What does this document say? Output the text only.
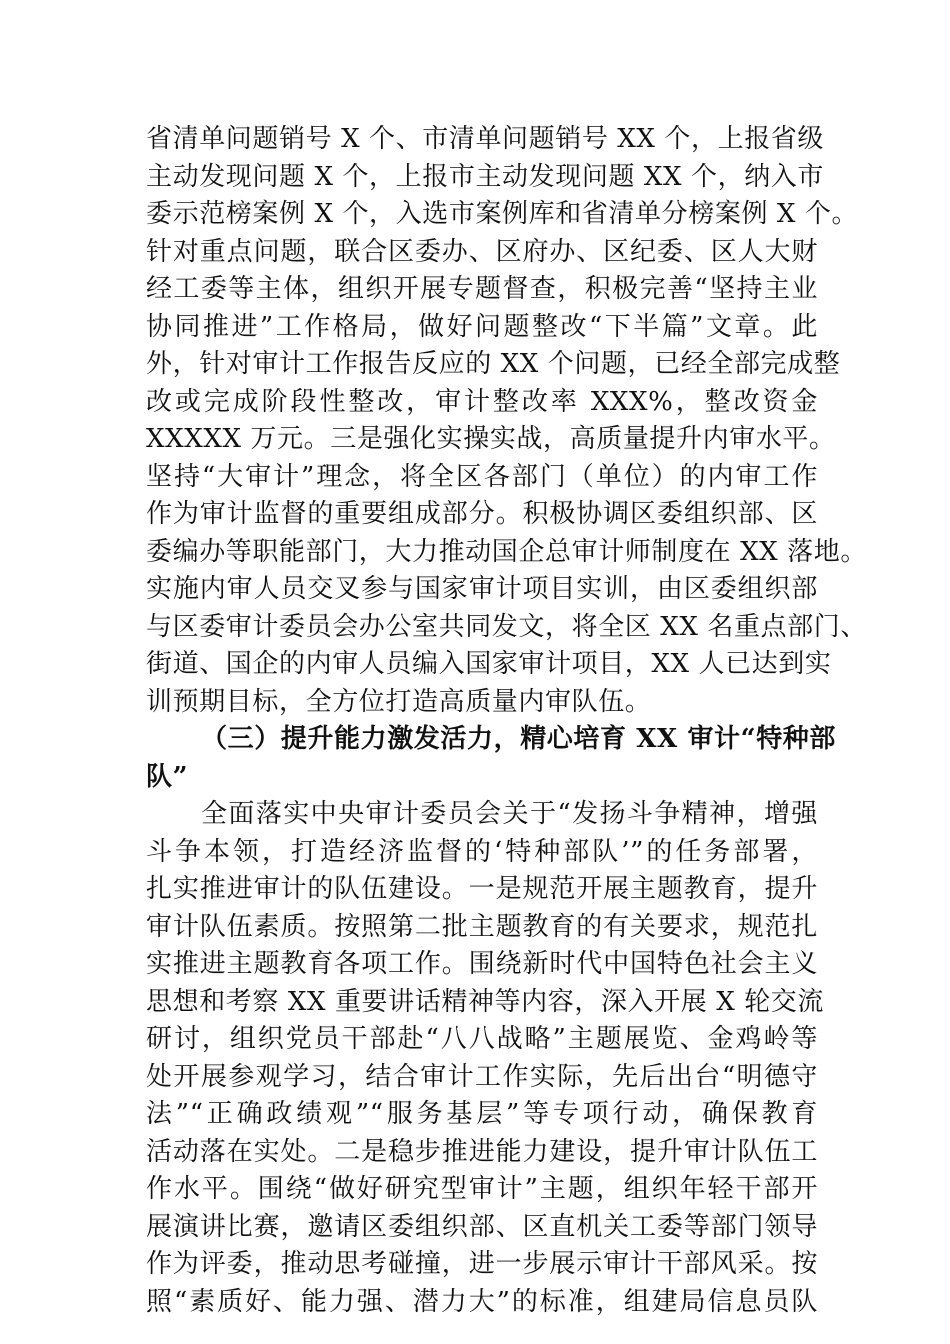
省清单问题销号 X 个、市清单问题销号 XX 个，上报省级
主动发现问题 X 个，上报市主动发现问题 XX 个，纳入市
委示范榜案例 X 个，入选市案例库和省清单分榜案例 X 个。
针对重点问题，联合区委办、区府办、区纪委、区人大财
经工委等主体，组织开展专题督查，积极完善“坚持主业
协同推进”工作格局，做好问题整改“下半篇”文章。此
外，针对审计工作报告反应的 XX 个问题，已经全部完成整
改或完成阶段性整改，审计整改率 XXX%，整改资金
XXXXX 万元。三是强化实操实战，高质量提升内审水平。
坚持“大审计”理念，将全区各部门（单位）的内审工作
作为审计监督的重要组成部分。积极协调区委组织部、区
委编办等职能部门，大力推动国企总审计师制度在 XX 落地。
实施内审人员交叉参与国家审计项目实训，由区委组织部
与区委审计委员会办公室共同发文，将全区 XX 名重点部门、
街道、国企的内审人员编入国家审计项目，XX 人已达到实
训预期目标，全方位打造高质量内审队伍。
（三）提升能力激发活力，精心培育 XX 审计“特种部
队”
全面落实中央审计委员会关于“发扬斗争精神，增强
斗争本领，打造经济监督的‘特种部队’”的任务部署，
扎实推进审计的队伍建设。一是规范开展主题教育，提升
审计队伍素质。按照第二批主题教育的有关要求，规范扎
实推进主题教育各项工作。围绕新时代中国特色社会主义
思想和考察 XX 重要讲话精神等内容，深入开展 X 轮交流
研讨，组织党员干部赴“八八战略”主题展览、金鸡岭等
处开展参观学习，结合审计工作实际，先后出台“明德守
法”“正确政绩观”“服务基层”等专项行动，确保教育
活动落在实处。二是稳步推进能力建设，提升审计队伍工
作水平。围绕“做好研究型审计”主题，组织年轻干部开
展演讲比赛，邀请区委组织部、区直机关工委等部门领导
作为评委，推动思考碰撞，进一步展示审计干部风采。按
照“素质好、能力强、潜力大”的标准，组建局信息员队
